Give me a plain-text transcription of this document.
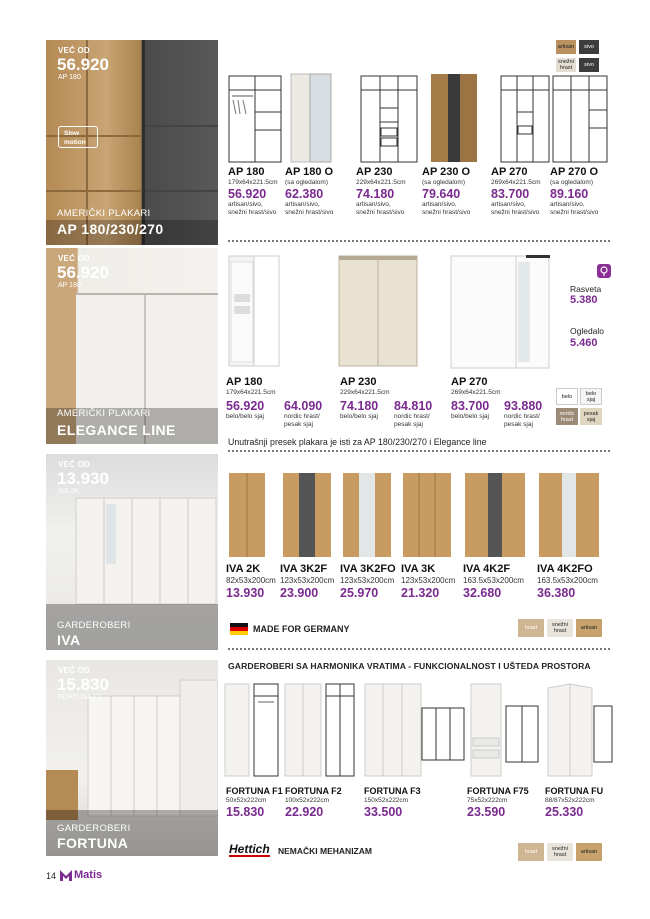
VEĆ OD
56.920
AP 180
Slow motion
AMERIČKI PLAKARI
AP 180/230/270
artisan	sivo
snežni hrast	sivo
AP 180
179x64x221.5cm
56.920
artisan/sivo,
snežni hrast/sivo
AP 180 O
(sa ogledalom)
62.380
artisan/sivo,
snežni hrast/sivo
AP 230
229x64x221.5cm
74.180
artisan/sivo,
snežni hrast/sivo
AP 230 O
(sa ogledalom)
79.640
artisan/sivo,
snežni hrast/sivo
AP 270
269x64x221.5cm
83.700
artisan/sivo,
snežni hrast/sivo
AP 270 O
(sa ogledalom)
89.160
artisan/sivo,
snežni hrast/sivo
VEĆ OD
56.920
AP 180
AMERIČKI PLAKARI
ELEGANCE LINE
Rasveta
5.380
Ogledalo
5.460
AP 180
179x64x221.5cm
56.920
belo/belo sjaj
64.090
nordic hrast/
pesak sjaj
AP 230
229x64x221.5cm
74.180
belo/belo sjaj
84.810
nordic hrast/
pesak sjaj
AP 270
269x64x221.5cm
83.700
belo/belo sjaj
93.880
nordic hrast/
pesak sjaj
belo	belo sjaj
nordic hrast
pesak sjaj
Unutrašnji presek plakara je isti za AP 180/230/270 i Elegance line
VEĆ OD
13.930
IVA 2K
GARDEROBERI
IVA
IVA 2K
82x53x200cm
13.930
IVA 3K2F
123x53x200cm
23.900
IVA 3K2FO
123x53x200cm
25.970
IVA 3K
123x53x200cm
21.320
IVA 4K2F
163.5x53x200cm
32.680
IVA 4K2FO
163.5x53x200cm
36.380
MADE FOR GERMANY	hrast	snežni hrast	artisan
VEĆ OD
15.830
FORTUNA F1
GARDEROBERI
FORTUNA
GARDEROBERI SA HARMONIKA VRATIMA - FUNKCIONALNOST I UŠTEDA PROSTORA
FORTUNA F1
50x52x222cm
15.830
FORTUNA F2
100x52x222cm
22.920
FORTUNA F3
150x52x222cm
33.500
FORTUNA F75
75x52x222cm
23.590
FORTUNA FU
88/87x52x222cm
25.330
Hettich NEMAČKI MEHANIZAM	hrast	snežni hrast	artisan
14 Matis
